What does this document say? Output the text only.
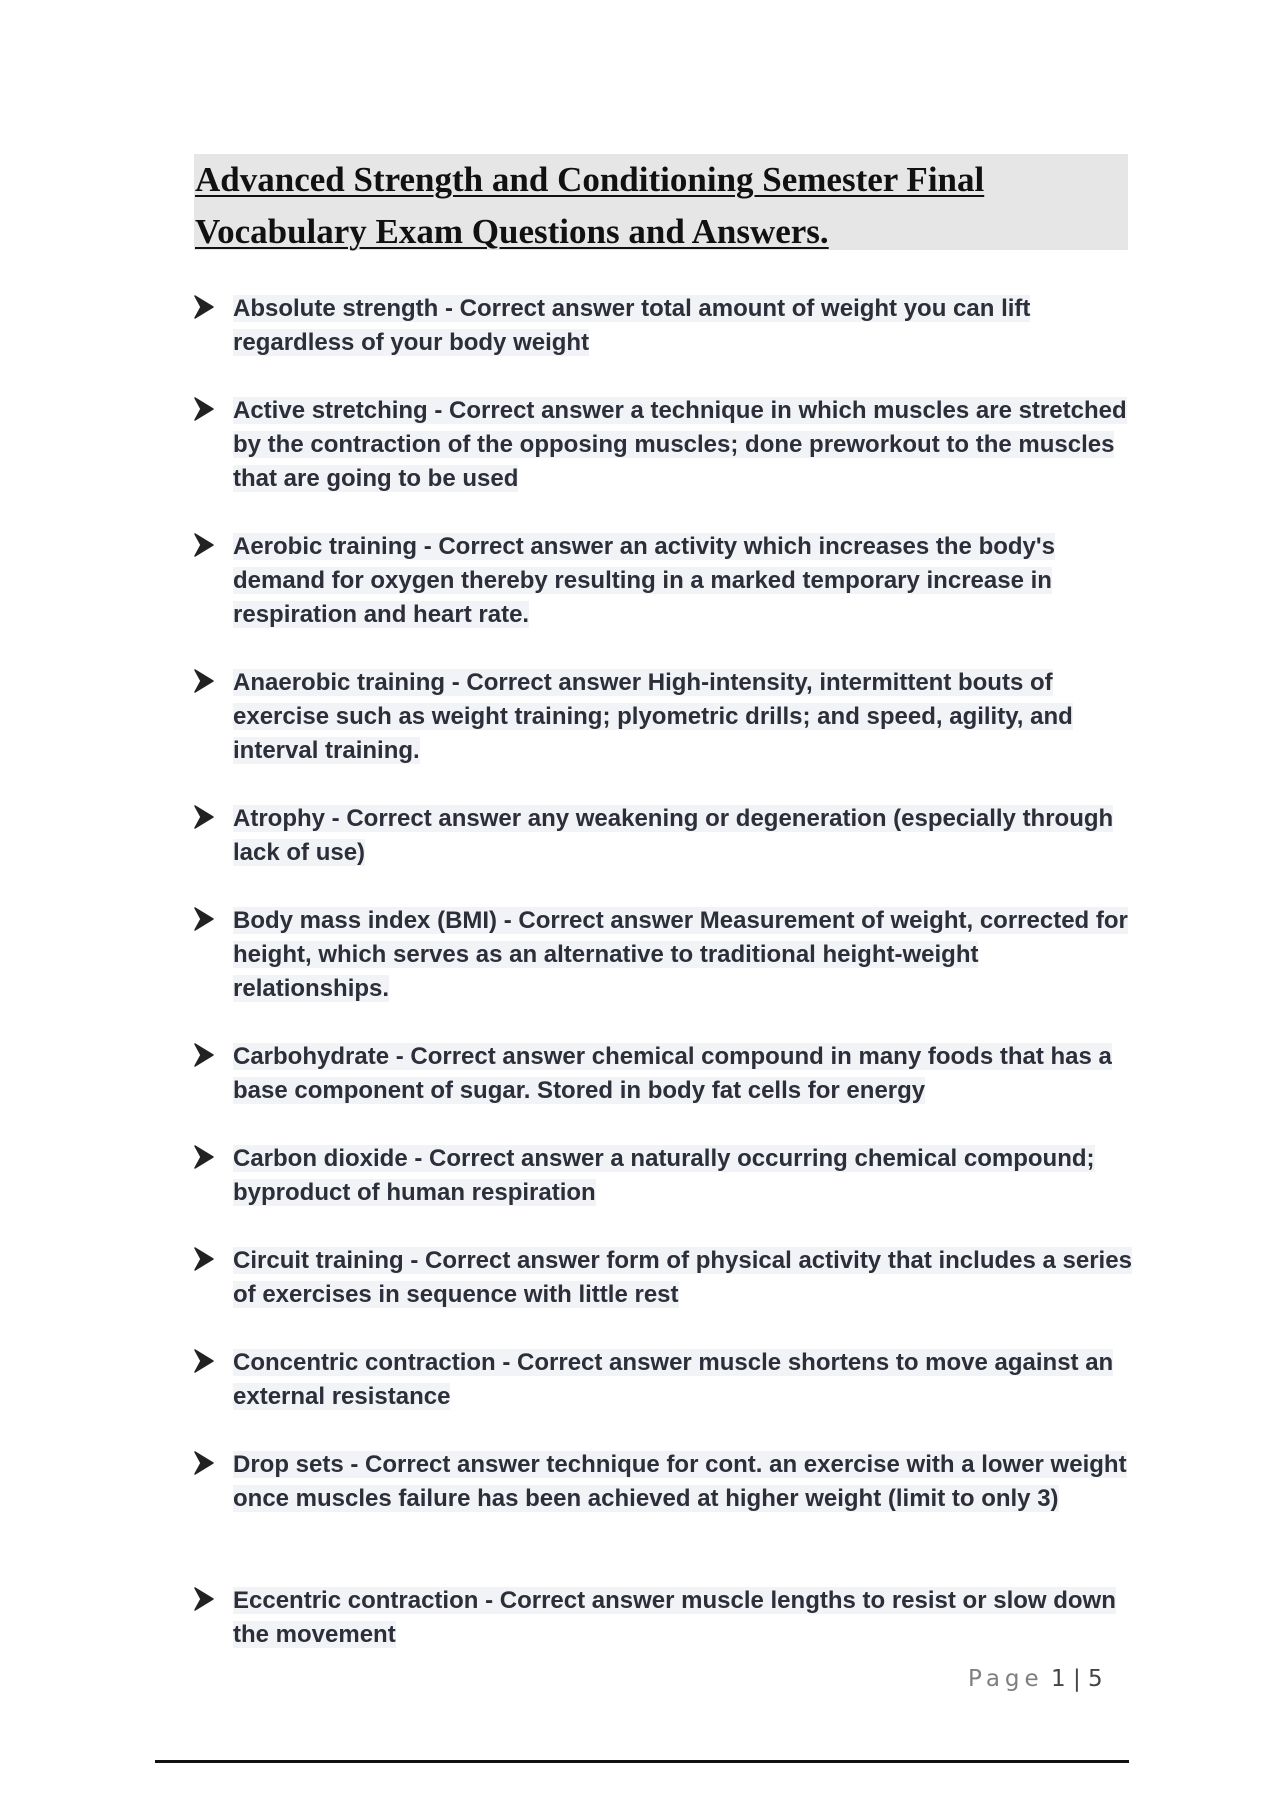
Advanced Strength and Conditioning Semester Final
Vocabulary Exam Questions and Answers.
Absolute strength - Correct answer total amount of weight you can lift regardless of your body weight
Active stretching - Correct answer a technique in which muscles are stretched by the contraction of the opposing muscles; done preworkout to the muscles that are going to be used
Aerobic training - Correct answer an activity which increases the body's demand for oxygen thereby resulting in a marked temporary increase in respiration and heart rate.
Anaerobic training - Correct answer High-intensity, intermittent bouts of exercise such as weight training; plyometric drills; and speed, agility, and interval training.
Atrophy - Correct answer any weakening or degeneration (especially through lack of use)
Body mass index (BMI) - Correct answer Measurement of weight, corrected for height, which serves as an alternative to traditional height-weight relationships.
Carbohydrate - Correct answer chemical compound in many foods that has a base component of sugar. Stored in body fat cells for energy
Carbon dioxide - Correct answer a naturally occurring chemical compound; byproduct of human respiration
Circuit training - Correct answer form of physical activity that includes a series of exercises in sequence with little rest
Concentric contraction - Correct answer muscle shortens to move against an external resistance
Drop sets - Correct answer technique for cont. an exercise with a lower weight once muscles failure has been achieved at higher weight (limit to only 3)
Eccentric contraction - Correct answer muscle lengths to resist or slow down the movement
Page 1 | 5
